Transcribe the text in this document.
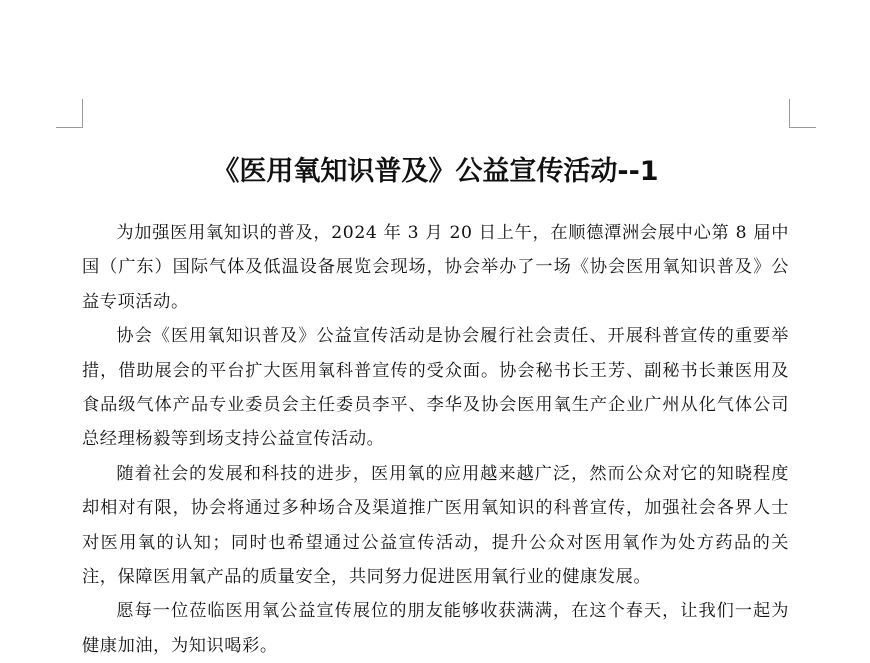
《医用氧知识普及》公益宣传活动--1

为加强医用氧知识的普及，2024 年 3 月 20 日上午，在顺德潭洲会展中心第 8 届中国（广东）国际气体及低温设备展览会现场，协会举办了一场《协会医用氧知识普及》公益专项活动。

协会《医用氧知识普及》公益宣传活动是协会履行社会责任、开展科普宣传的重要举措，借助展会的平台扩大医用氧科普宣传的受众面。协会秘书长王芳、副秘书长兼医用及食品级气体产品专业委员会主任委员李平、李华及协会医用氧生产企业广州从化气体公司总经理杨毅等到场支持公益宣传活动。

随着社会的发展和科技的进步，医用氧的应用越来越广泛，然而公众对它的知晓程度却相对有限，协会将通过多种场合及渠道推广医用氧知识的科普宣传，加强社会各界人士对医用氧的认知；同时也希望通过公益宣传活动，提升公众对医用氧作为处方药品的关注，保障医用氧产品的质量安全，共同努力促进医用氧行业的健康发展。

愿每一位莅临医用氧公益宣传展位的朋友能够收获满满，在这个春天，让我们一起为健康加油，为知识喝彩。
